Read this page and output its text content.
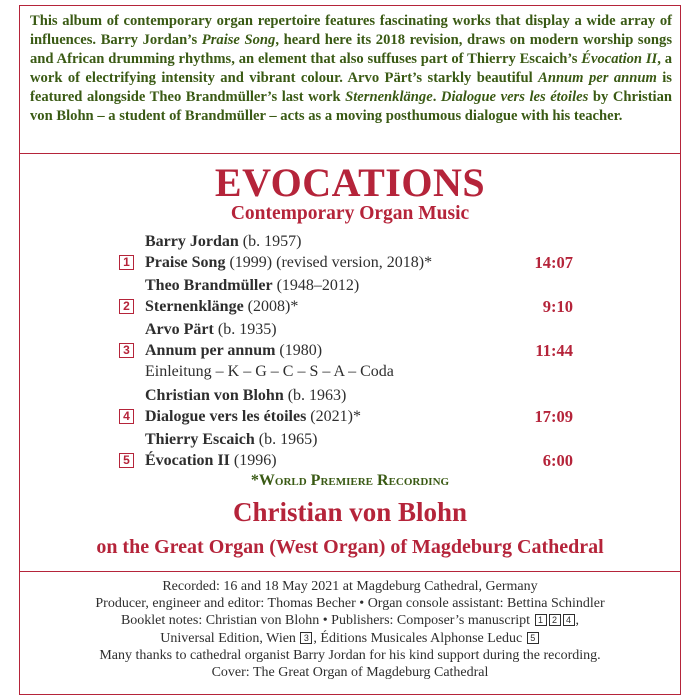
This album of contemporary organ repertoire features fascinating works that display a wide array of influences. Barry Jordan’s Praise Song, heard here its 2018 revision, draws on modern worship songs and African drumming rhythms, an element that also suffuses part of Thierry Escaich’s Évocation II, a work of electrifying intensity and vibrant colour. Arvo Pärt’s starkly beautiful Annum per annum is featured alongside Theo Brandmüller’s last work Sternenklänge. Dialogue vers les étoiles by Christian von Blohn – a student of Brandmüller – acts as a moving posthumous dialogue with his teacher.
EVOCATIONS
Contemporary Organ Music
Barry Jordan (b. 1957)
1 Praise Song (1999) (revised version, 2018)*	14:07
Theo Brandmüller (1948–2012)
2 Sternenklänge (2008)*	9:10
Arvo Pärt (b. 1935)
3 Annum per annum (1980)	11:44
Einleitung – K – G – C – S – A – Coda
Christian von Blohn (b. 1963)
4 Dialogue vers les étoiles (2021)*	17:09
Thierry Escaich (b. 1965)
5 Évocation II (1996)	6:00
*World Premiere Recording
Christian von Blohn
on the Great Organ (West Organ) of Magdeburg Cathedral
Recorded: 16 and 18 May 2021 at Magdeburg Cathedral, Germany
Producer, engineer and editor: Thomas Becher • Organ console assistant: Bettina Schindler
Booklet notes: Christian von Blohn • Publishers: Composer’s manuscript 1 2 4 ,
Universal Edition, Wien 3 , Éditions Musicales Alphonse Leduc 5
Many thanks to cathedral organist Barry Jordan for his kind support during the recording.
Cover: The Great Organ of Magdeburg Cathedral
